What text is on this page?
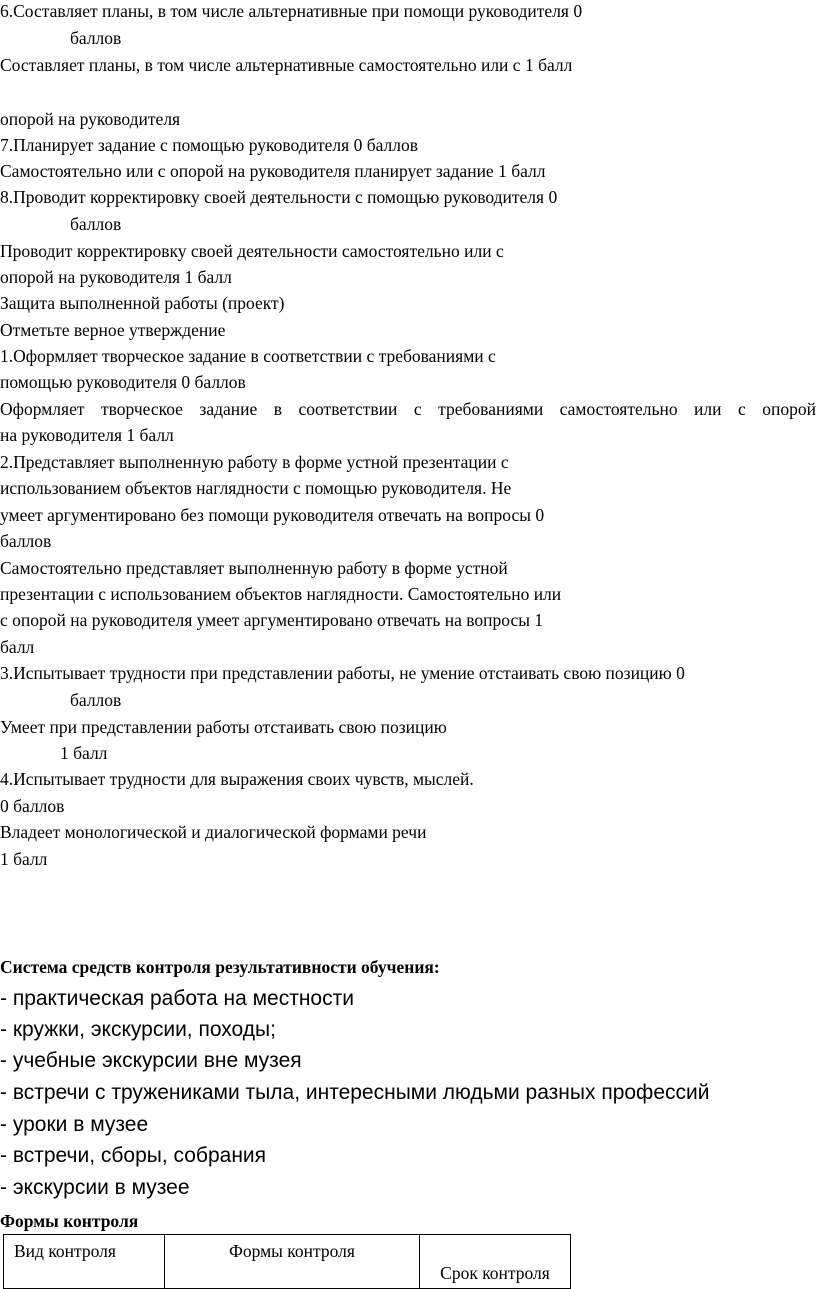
6.Составляет планы, в том числе альтернативные при помощи руководителя 0
баллов
Составляет планы, в том числе альтернативные самостоятельно или с 1 балл
опорой на руководителя
7.Планирует задание с помощью руководителя 0 баллов
Самостоятельно или с опорой на руководителя планирует задание 1 балл
8.Проводит корректировку своей деятельности с помощью руководителя 0
баллов
Проводит корректировку своей деятельности самостоятельно или с
опорой на руководителя 1 балл
Защита выполненной работы (проект)
Отметьте верное утверждение
1.Оформляет творческое задание в соответствии с требованиями с
помощью руководителя 0 баллов
Оформляет творческое задание в соответствии с требованиями самостоятельно или с опорой
на руководителя 1 балл
2.Представляет выполненную работу в форме устной презентации с
использованием объектов наглядности с помощью руководителя. Не
умеет аргументировано без помощи руководителя отвечать на вопросы 0
баллов
Самостоятельно представляет выполненную работу в форме устной
презентации с использованием объектов наглядности. Самостоятельно или
с опорой на руководителя умеет аргументировано отвечать на вопросы 1
балл
3.Испытывает трудности при представлении работы, не умение отстаивать свою позицию 0
баллов
Умеет при представлении работы отстаивать свою позицию
1 балл
4.Испытывает трудности для выражения своих чувств, мыслей.
0 баллов
Владеет монологической и диалогической формами речи
1 балл
Система средств контроля результативности обучения:
- практическая работа на местности
- кружки, экскурсии, походы;
- учебные экскурсии вне музея
- встречи с тружениками тыла, интересными людьми разных профессий
- уроки в музее
- встречи, сборы, собрания
- экскурсии в музее
Формы контроля
Вид контроля	Формы контроля	Срок контроля
